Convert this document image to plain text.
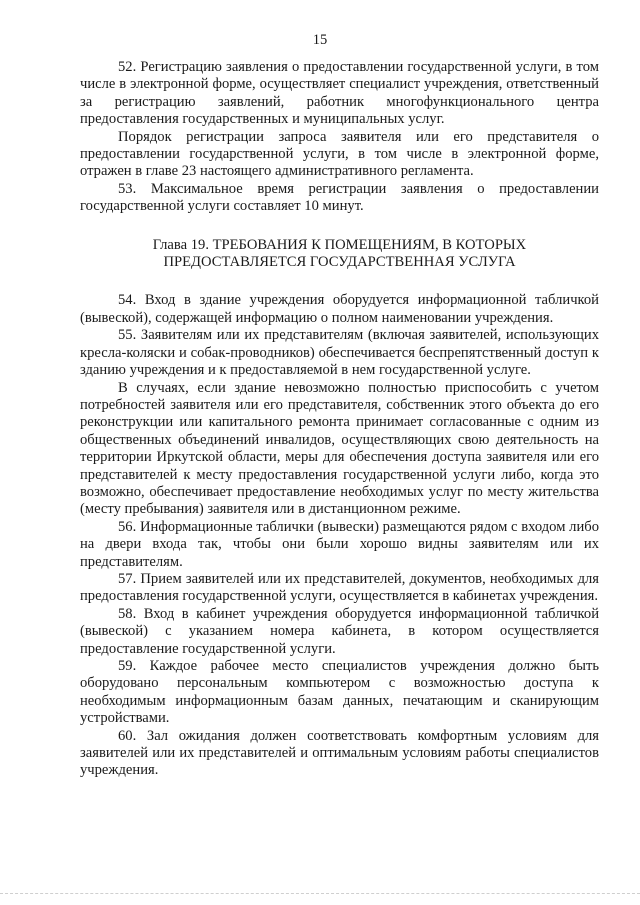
15

52. Регистрацию заявления о предоставлении государственной услуги, в том числе в электронной форме, осуществляет специалист учреждения, ответственный за регистрацию заявлений, работник многофункционального центра предоставления государственных и муниципальных услуг.

Порядок регистрации запроса заявителя или его представителя о предоставлении государственной услуги, в том числе в электронной форме, отражен в главе 23 настоящего административного регламента.

53. Максимальное время регистрации заявления о предоставлении государственной услуги составляет 10 минут.

Глава 19. ТРЕБОВАНИЯ К ПОМЕЩЕНИЯМ, В КОТОРЫХ
ПРЕДОСТАВЛЯЕТСЯ ГОСУДАРСТВЕННАЯ УСЛУГА

54. Вход в здание учреждения оборудуется информационной табличкой (вывеской), содержащей информацию о полном наименовании учреждения.

55. Заявителям или их представителям (включая заявителей, использующих кресла-коляски и собак-проводников) обеспечивается беспрепятственный доступ к зданию учреждения и к предоставляемой в нем государственной услуге.

В случаях, если здание невозможно полностью приспособить с учетом потребностей заявителя или его представителя, собственник этого объекта до его реконструкции или капитального ремонта принимает согласованные с одним из общественных объединений инвалидов, осуществляющих свою деятельность на территории Иркутской области, меры для обеспечения доступа заявителя или его представителей к месту предоставления государственной услуги либо, когда это возможно, обеспечивает предоставление необходимых услуг по месту жительства (месту пребывания) заявителя или в дистанционном режиме.

56. Информационные таблички (вывески) размещаются рядом с входом либо на двери входа так, чтобы они были хорошо видны заявителям или их представителям.

57. Прием заявителей или их представителей, документов, необходимых для предоставления государственной услуги, осуществляется в кабинетах учреждения.

58. Вход в кабинет учреждения оборудуется информационной табличкой (вывеской) с указанием номера кабинета, в котором осуществляется предоставление государственной услуги.

59. Каждое рабочее место специалистов учреждения должно быть оборудовано персональным компьютером с возможностью доступа к необходимым информационным базам данных, печатающим и сканирующим устройствами.

60. Зал ожидания должен соответствовать комфортным условиям для заявителей или их представителей и оптимальным условиям работы специалистов учреждения.
